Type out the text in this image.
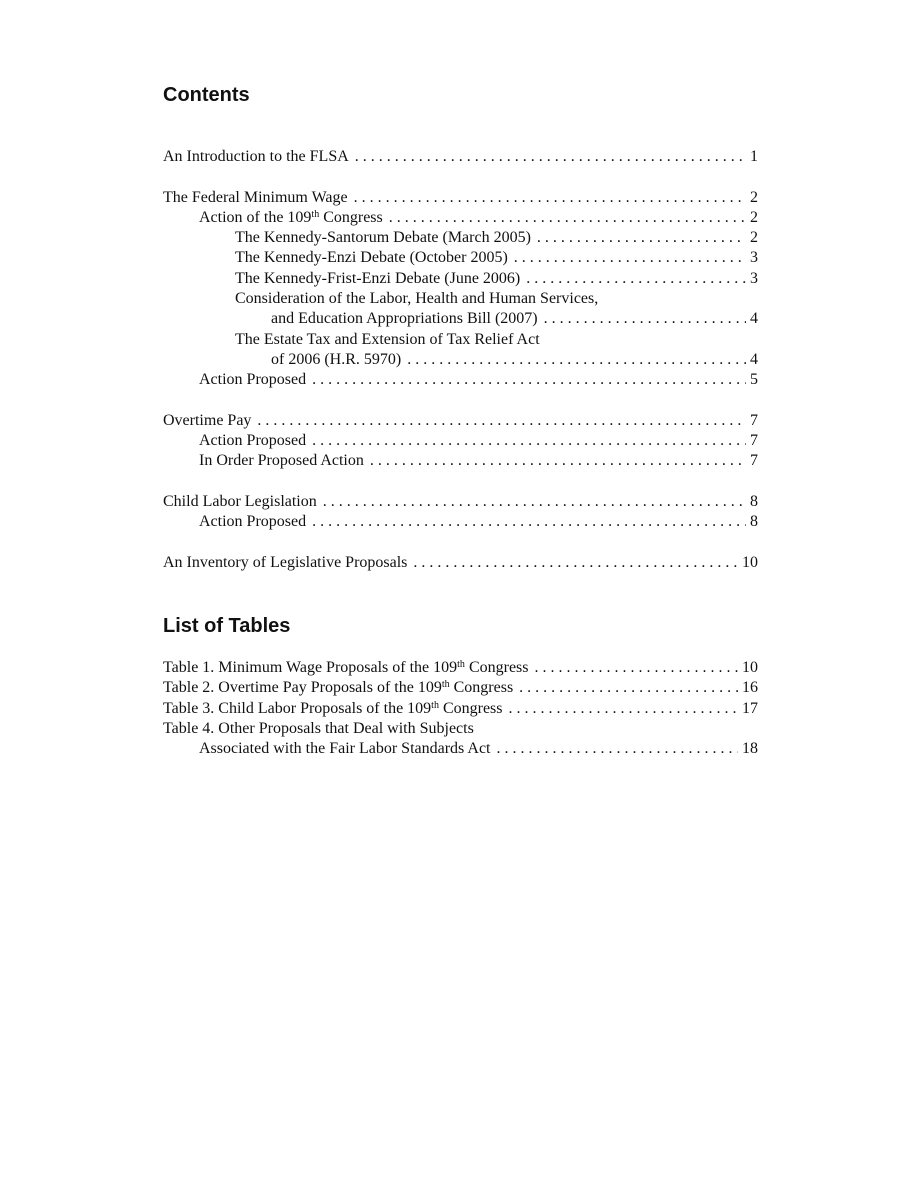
Contents
An Introduction to the FLSA . . .	1
The Federal Minimum Wage . . .	2
Action of the 109th Congress . . .	2
The Kennedy-Santorum Debate (March 2005) . . .	2
The Kennedy-Enzi Debate (October 2005) . . .	3
The Kennedy-Frist-Enzi Debate (June 2006) . . .	3
Consideration of the Labor, Health and Human Services,
and Education Appropriations Bill (2007) . . .	4
The Estate Tax and Extension of Tax Relief Act
of 2006 (H.R. 5970) . . .	4
Action Proposed . . .	5
Overtime Pay . . .	7
Action Proposed . . .	7
In Order Proposed Action . . .	7
Child Labor Legislation . . .	8
Action Proposed . . .	8
An Inventory of Legislative Proposals . . .	10
List of Tables
Table 1. Minimum Wage Proposals of the 109th Congress . . .	10
Table 2. Overtime Pay Proposals of the 109th Congress . . .	16
Table 3. Child Labor Proposals of the 109th Congress . . .	17
Table 4. Other Proposals that Deal with Subjects
Associated with the Fair Labor Standards Act . . .	18
